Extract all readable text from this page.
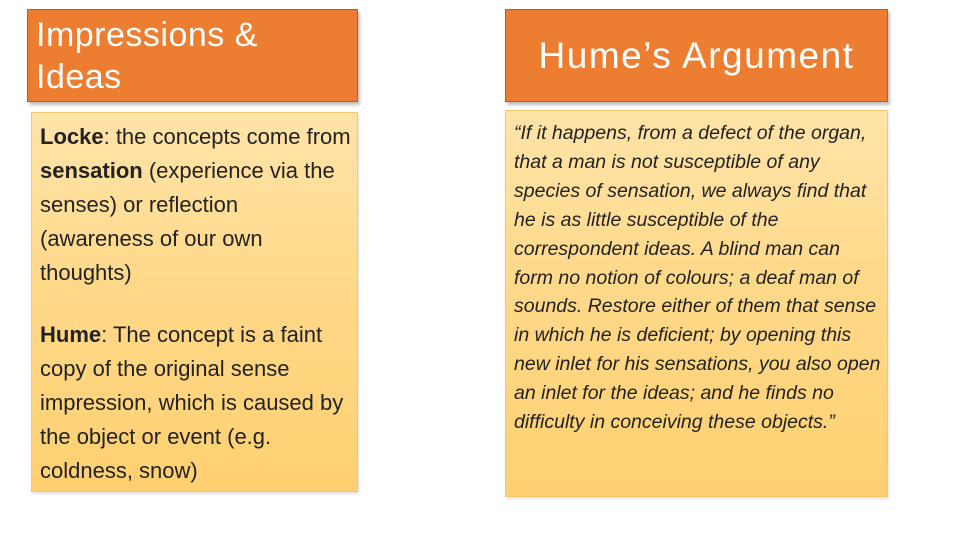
Impressions & Ideas
Hume’s Argument

Locke: the concepts come from sensation (experience via the senses) or reflection (awareness of our own thoughts)

Hume: The concept is a faint copy of the original sense impression, which is caused by the object or event (e.g. coldness, snow)

“If it happens, from a defect of the organ, that a man is not susceptible of any species of sensation, we always find that he is as little susceptible of the correspondent ideas. A blind man can form no notion of colours; a deaf man of sounds. Restore either of them that sense in which he is deficient; by opening this new inlet for his sensations, you also open an inlet for the ideas; and he finds no difficulty in conceiving these objects.”
